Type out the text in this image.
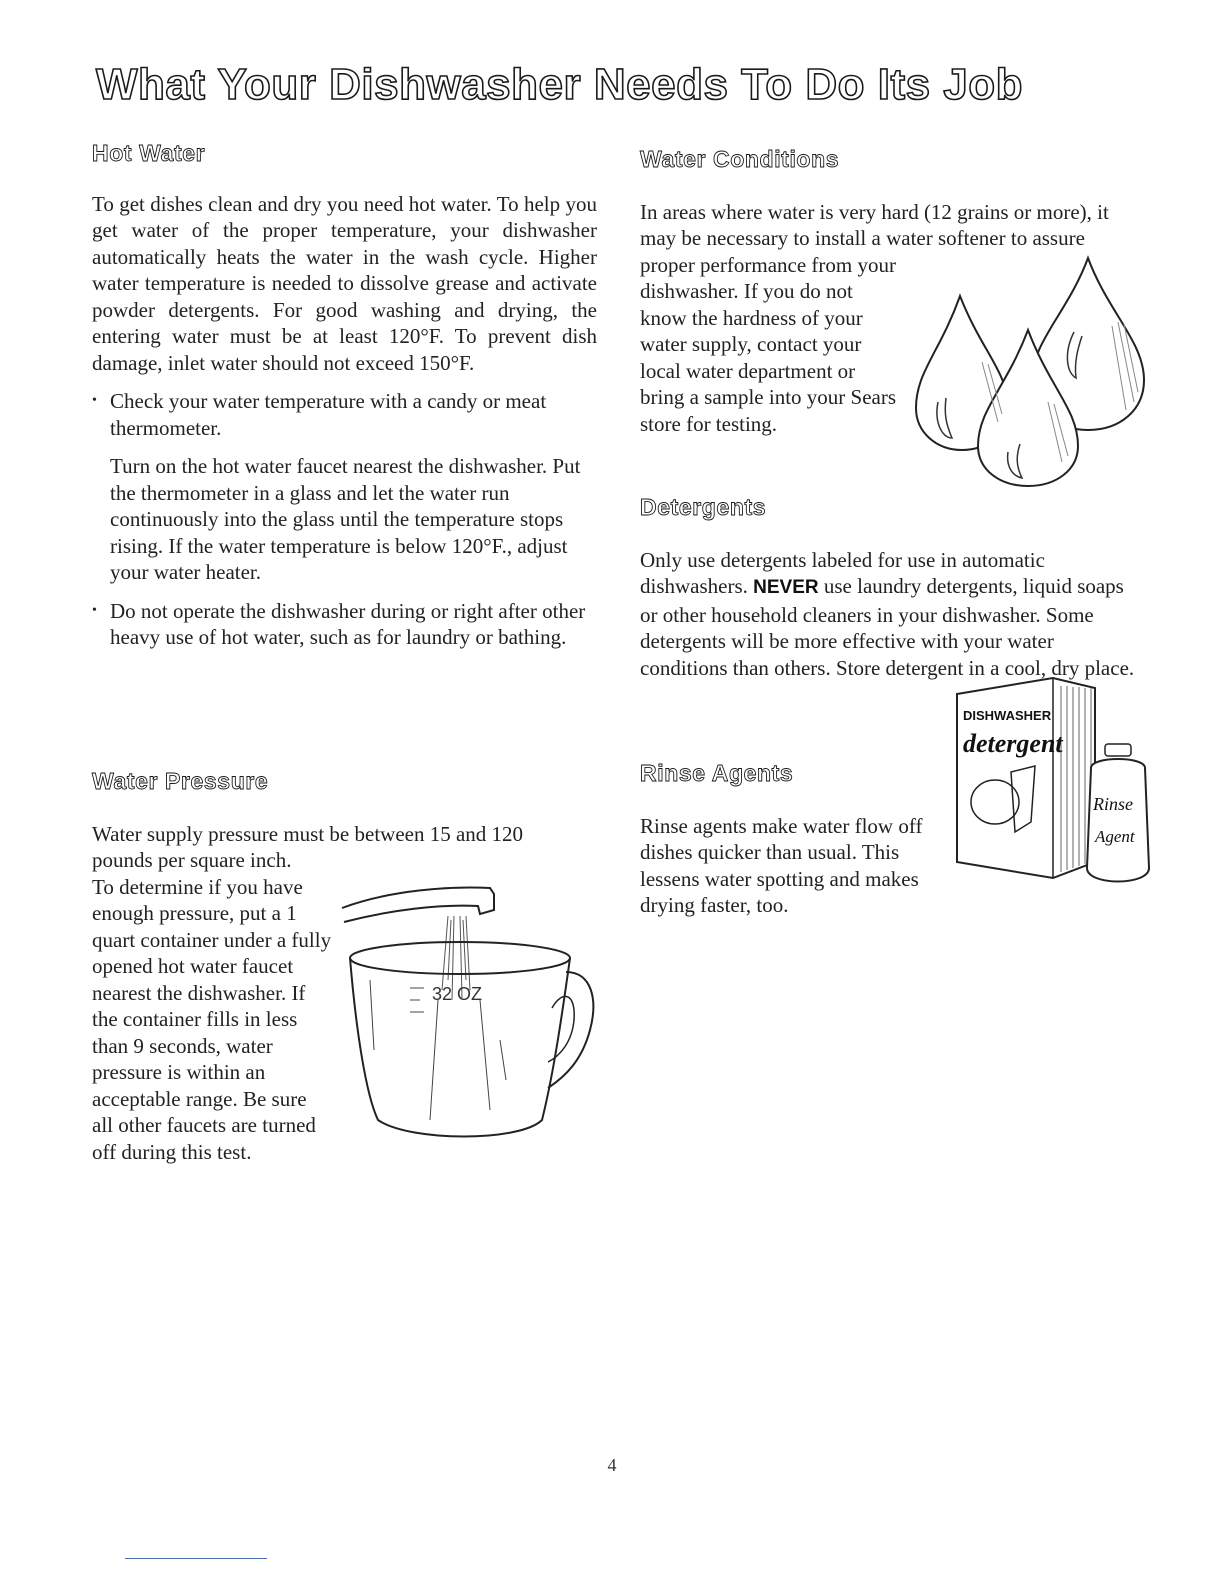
What Your Dishwasher Needs To Do Its Job
Hot Water

To get dishes clean and dry you need hot water. To help you get water of the proper temperature, your dishwasher automatically heats the water in the wash cycle. Higher water temperature is needed to dissolve grease and activate powder detergents. For good washing and drying, the entering water must be at least 120°F. To prevent dish damage, inlet water should not exceed 150°F.

• Check your water temperature with a candy or meat thermometer.

Turn on the hot water faucet nearest the dishwasher. Put the thermometer in a glass and let the water run continuously into the glass until the temperature stops rising. If the water temperature is below 120°F., adjust your water heater.

• Do not operate the dishwasher during or right after other heavy use of hot water, such as for laundry or bathing.
Water Pressure

Water supply pressure must be between 15 and 120 pounds per square inch.

To determine if you have enough pressure, put a 1 quart container under a fully opened hot water faucet nearest the dishwasher. If the container fills in less than 9 seconds, water pressure is within an acceptable range. Be sure all other faucets are turned off during this test.

32 OZ
Water Conditions

In areas where water is very hard (12 grains or more), it may be necessary to install a water softener to assure

proper performance from your dishwasher. If you do not know the hardness of your water supply, contact your local water department or bring a sample into your Sears store for testing.

Detergents

Only use detergents labeled for use in automatic dishwashers. NEVER use laundry detergents, liquid soaps or other household cleaners in your dishwasher. Some detergents will be more effective with your water conditions than others. Store detergent in a cool, dry place.

Rinse Agents

Rinse agents make water flow off dishes quicker than usual. This lessens water spotting and makes drying faster, too.

DISHWASHER
detergent
Rinse
Agent
4
